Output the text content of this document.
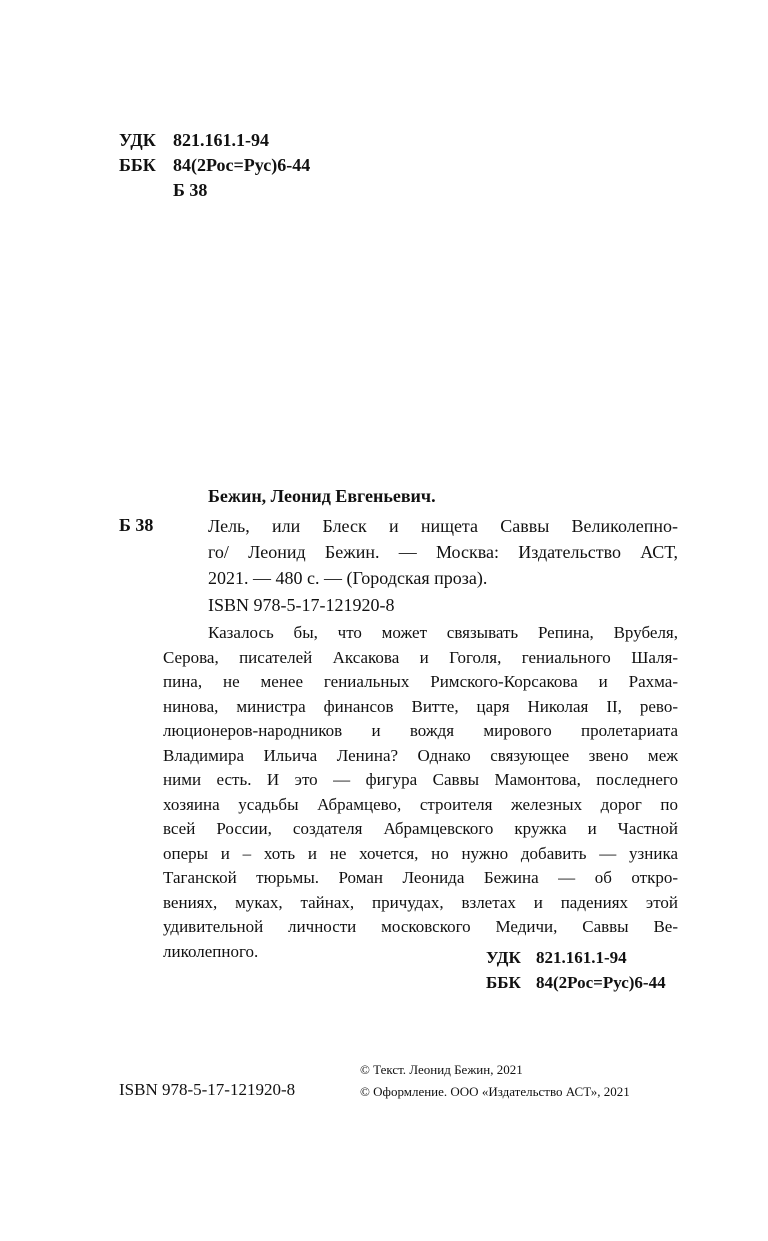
УДК 821.161.1-94
ББК 84(2Рос=Рус)6-44
Б 38
Бежин, Леонид Евгеньевич.
Б 38	Лель, или Блеск и нищета Саввы Великолепно-
го/ Леонид Бежин. — Москва: Издательство АСТ,
2021. — 480 с. — (Городская проза).
ISBN 978-5-17-121920-8
Казалось бы, что может связывать Репина, Врубеля,
Серова, писателей Аксакова и Гоголя, гениального Шаля-
пина, не менее гениальных Римского-Корсакова и Рахма-
нинова, министра финансов Витте, царя Николая II, рево-
люционеров-народников и вождя мирового пролетариата
Владимира Ильича Ленина? Однако связующее звено меж
ними есть. И это — фигура Саввы Мамонтова, последнего
хозяина усадьбы Абрамцево, строителя железных дорог по
всей России, создателя Абрамцевского кружка и Частной
оперы и – хоть и не хочется, но нужно добавить — узника
Таганской тюрьмы. Роман Леонида Бежина — об откро-
вениях, муках, тайнах, причудах, взлетах и падениях этой
удивительной личности московского Медичи, Саввы Ве-
ликолепного.	УДК 821.161.1-94
ББК 84(2Рос=Рус)6-44
ISBN 978-5-17-121920-8
© Текст. Леонид Бежин, 2021
© Оформление. ООО «Издательство АСТ», 2021
